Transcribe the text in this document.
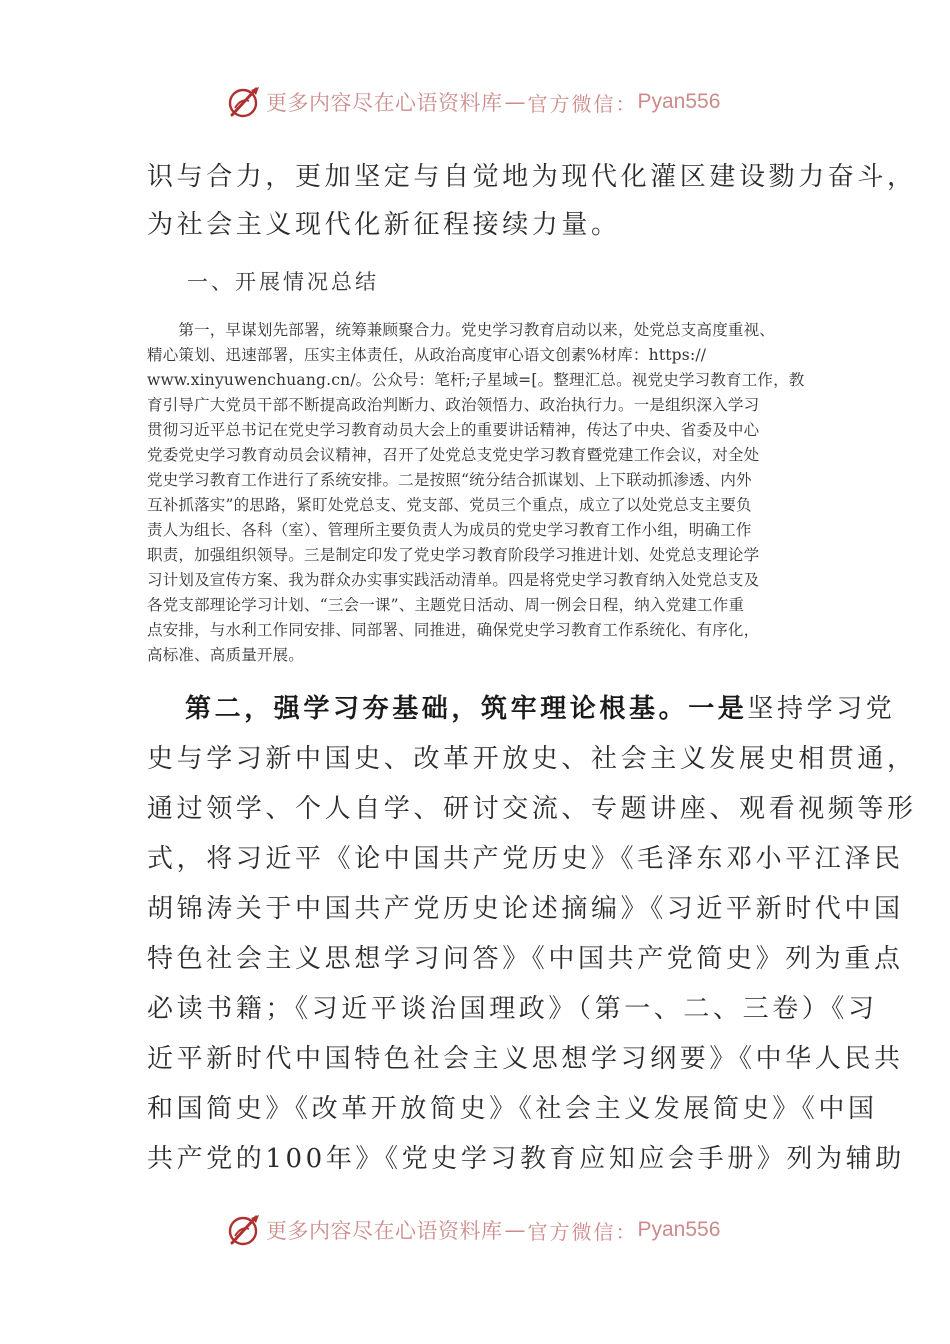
更多内容尽在心语资料库 — 官方微信： Pyan556
识与合力，更加坚定与自觉地为现代化灌区建设勠力奋斗，
为社会主义现代化新征程接续力量。
一、开展情况总结
　　第一，早谋划先部署，统筹兼顾聚合力。党史学习教育启动以来，处党总支高度重视、
精心策划、迅速部署，压实主体责任，从政治高度审心语文创素%材库：https://
www.xinyuwenchuang.cn/。公众号：笔杆;子星域=[。整理汇总。视党史学习教育工作，教
育引导广大党员干部不断提高政治判断力、政治领悟力、政治执行力。一是组织深入学习
贯彻习近平总书记在党史学习教育动员大会上的重要讲话精神，传达了中央、省委及中心
党委党史学习教育动员会议精神，召开了处党总支党史学习教育暨党建工作会议，对全处
党史学习教育工作进行了系统安排。二是按照“统分结合抓谋划、上下联动抓渗透、内外
互补抓落实”的思路，紧盯处党总支、党支部、党员三个重点，成立了以处党总支主要负
责人为组长、各科（室）、管理所主要负责人为成员的党史学习教育工作小组，明确工作
职责，加强组织领导。三是制定印发了党史学习教育阶段学习推进计划、处党总支理论学
习计划及宣传方案、我为群众办实事实践活动清单。四是将党史学习教育纳入处党总支及
各党支部理论学习计划、“三会一课”、主题党日活动、周一例会日程，纳入党建工作重
点安排，与水利工作同安排、同部署、同推进，确保党史学习教育工作系统化、有序化，
高标准、高质量开展。
第二，强学习夯基础，筑牢理论根基。一是坚持学习党
史与学习新中国史、改革开放史、社会主义发展史相贯通，
通过领学、个人自学、研讨交流、专题讲座、观看视频等形
式，将习近平《论中国共产党历史》《毛泽东邓小平江泽民
胡锦涛关于中国共产党历史论述摘编》《习近平新时代中国
特色社会主义思想学习问答》《中国共产党简史》列为重点
必读书籍；《习近平谈治国理政》（第一、二、三卷）《习
近平新时代中国特色社会主义思想学习纲要》《中华人民共
和国简史》《改革开放简史》《社会主义发展简史》《中国
共产党的100年》《党史学习教育应知应会手册》列为辅助
更多内容尽在心语资料库 — 官方微信： Pyan556
